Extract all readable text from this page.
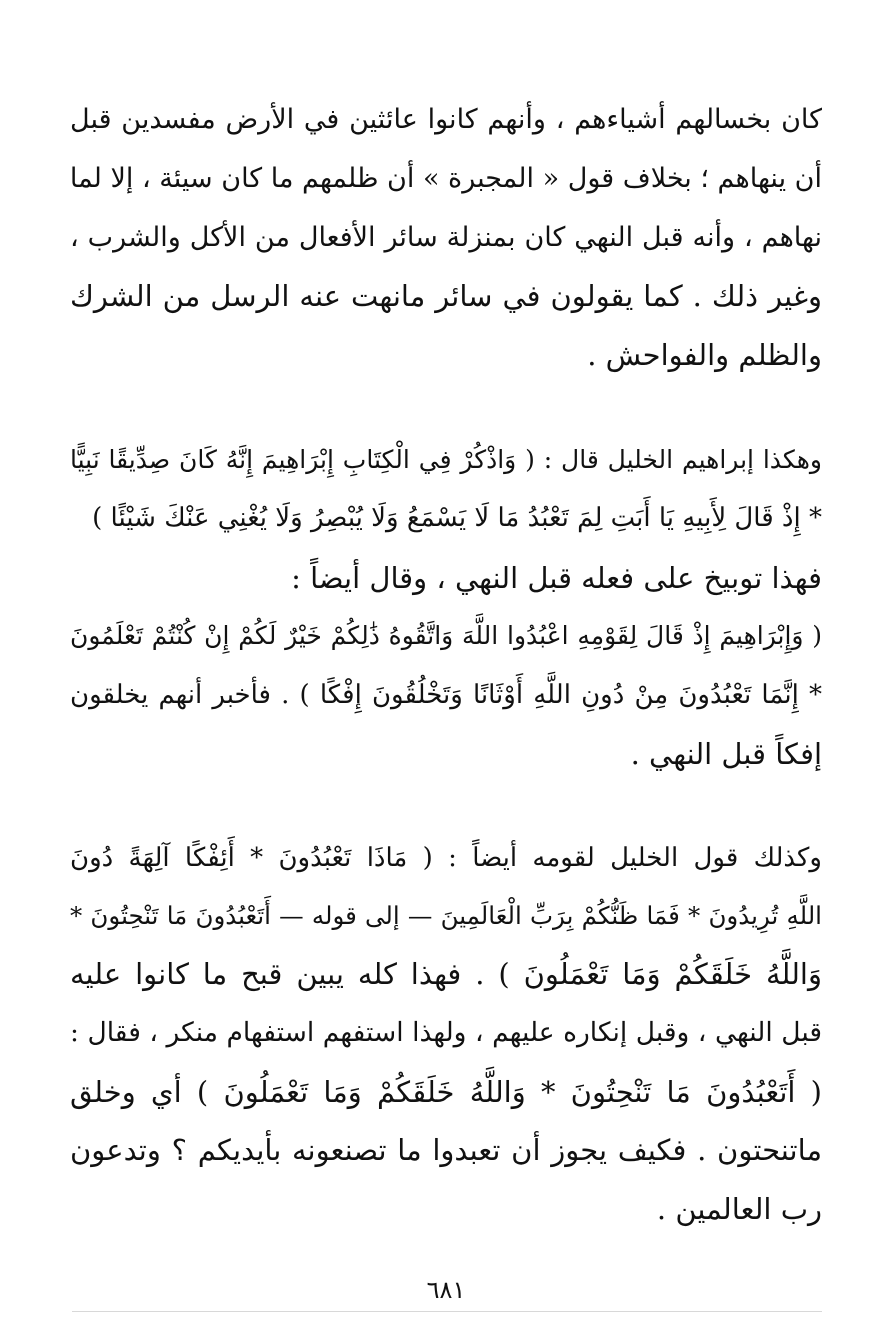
كان بخسالهم أشياءهم ، وأنهم كانوا عائثين في الأرض مفسدين قبل
أن ينهاهم ؛ بخلاف قول « المجبرة » أن ظلمهم ما كان سيئة ، إلا لما
نهاهم ، وأنه قبل النهي كان بمنزلة سائر الأفعال من الأكل والشرب ،
وغير ذلك . كما يقولون في سائر مانهت عنه الرسل من الشرك
والظلم والفواحش .
وهكذا إبراهيم الخليل قال : ( وَاذْكُرْ فِي الْكِتَابِ إِبْرَاهِيمَ إِنَّهُ كَانَ صِدِّيقًا نَبِيًّا
* إِذْ قَالَ لِأَبِيهِ يَا أَبَتِ لِمَ تَعْبُدُ مَا لَا يَسْمَعُ وَلَا يُبْصِرُ وَلَا يُغْنِي عَنْكَ شَيْئًا )
فهذا توبيخ على فعله قبل النهي ، وقال أيضاً :
( وَإِبْرَاهِيمَ إِذْ قَالَ لِقَوْمِهِ اعْبُدُوا اللَّهَ وَاتَّقُوهُ ذَٰلِكُمْ خَيْرٌ لَكُمْ إِنْ كُنْتُمْ تَعْلَمُونَ
* إِنَّمَا تَعْبُدُونَ مِنْ دُونِ اللَّهِ أَوْثَانًا وَتَخْلُقُونَ إِفْكًا ) . فأخبر أنهم يخلقون
إفكاً قبل النهي .
وكذلك قول الخليل لقومه أيضاً : ( مَاذَا تَعْبُدُونَ * أَئِفْكًا آلِهَةً دُونَ
اللَّهِ تُرِيدُونَ * فَمَا ظَنُّكُمْ بِرَبِّ الْعَالَمِينَ — إلى قوله — أَتَعْبُدُونَ مَا تَنْحِتُونَ *
وَاللَّهُ خَلَقَكُمْ وَمَا تَعْمَلُونَ ) . فهذا كله يبين قبح ما كانوا عليه
قبل النهي ، وقبل إنكاره عليهم ، ولهذا استفهم استفهام منكر ، فقال :
( أَتَعْبُدُونَ مَا تَنْحِتُونَ * وَاللَّهُ خَلَقَكُمْ وَمَا تَعْمَلُونَ ) أي وخلق
ماتنحتون . فكيف يجوز أن تعبدوا ما تصنعونه بأيديكم ؟ وتدعون
رب العالمين .
٦٨١
